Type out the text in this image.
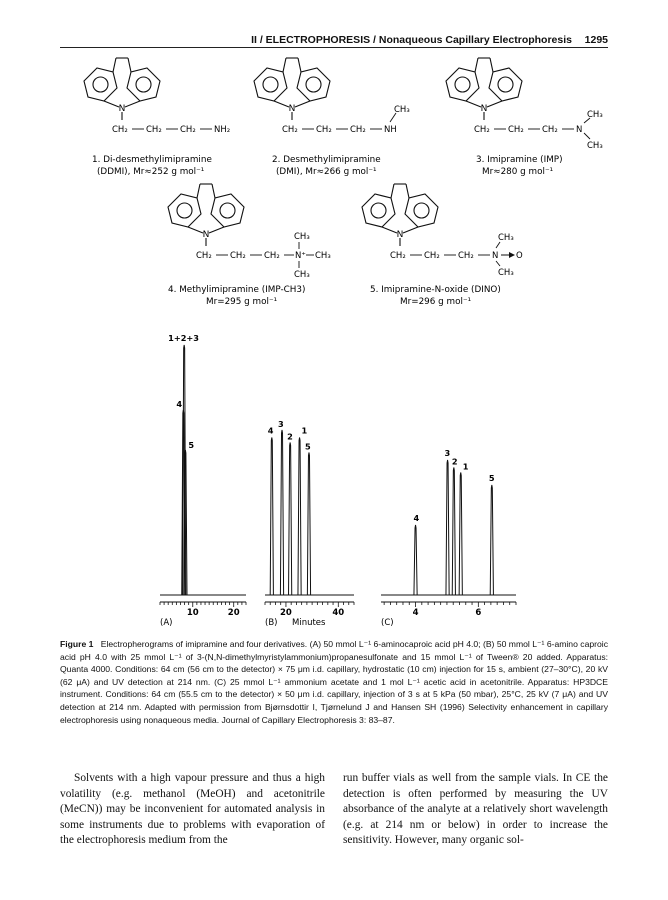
II / ELECTROPHORESIS / Nonaqueous Capillary Electrophoresis 1295
N
CH₂ CH₂ CH₂ NH₂
1. Di-desmethylimipramine
(DDMI), Mr≈252 g mol⁻¹
N
CH₂ CH₂ CH₂ NH
CH₃
2. Desmethylimipramine
(DMI), Mr≈266 g mol⁻¹
N
CH₂ CH₂ CH₂ N
CH₃
CH₃
3. Imipramine (IMP)
Mr≈280 g mol⁻¹
N
CH₂ CH₂ CH₂ N⁺
CH₃
CH₃
CH₃
4. Methylimipramine (IMP-CH3)
Mr=295 g mol⁻¹
N
CH₂ CH₂ CH₂ N
CH₃
CH₃
O
5. Imipramine-N-oxide (DINO)
Mr=296 g mol⁻¹
1+2+3
4
5
10	20
(A)
4
3
2
1
5
20	40
(B)
4
3
2 1
5
4	6
(C)
Minutes
Figure 1 Electropherograms of imipramine and four derivatives. (A) 50 mmol L⁻¹ 6-aminocaproic acid pH 4.0; (B) 50 mmol L⁻¹ 6-amino caproic acid pH 4.0 with 25 mmol L⁻¹ of 3-(N,N-dimethylmyristylammonium)propanesulfonate and 15 mmol L⁻¹ of Tween® 20 added. Apparatus: Quanta 4000. Conditions: 64 cm (56 cm to the detector) × 75 μm i.d. capillary, hydrostatic (10 cm) injection for 15 s, ambient (27–30°C), 20 kV (62 μA) and UV detection at 214 nm. (C) 25 mmol L⁻¹ ammonium acetate and 1 mol L⁻¹ acetic acid in acetonitrile. Apparatus: HP3DCE instrument. Conditions: 64 cm (55.5 cm to the detector) × 50 μm i.d. capillary, injection of 3 s at 5 kPa (50 mbar), 25°C, 25 kV (7 μA) and UV detection at 214 nm. Adapted with permission from Bjørnsdottir I, Tjørnelund J and Hansen SH (1996) Selectivity enhancement in capillary electrophoresis using nonaqueous media. Journal of Capillary Electrophoresis 3: 83–87.
Solvents with a high vapour pressure and thus a high volatility (e.g. methanol (MeOH) and acetonitrile (MeCN)) may be inconvenient for automated analysis in some instruments due to problems with evaporation of the electrophoresis medium from the
run buffer vials as well from the sample vials. In CE the detection is often performed by measuring the UV absorbance of the analyte at a relatively short wavelength (e.g. at 214 nm or below) in order to increase the sensitivity. However, many organic sol-
